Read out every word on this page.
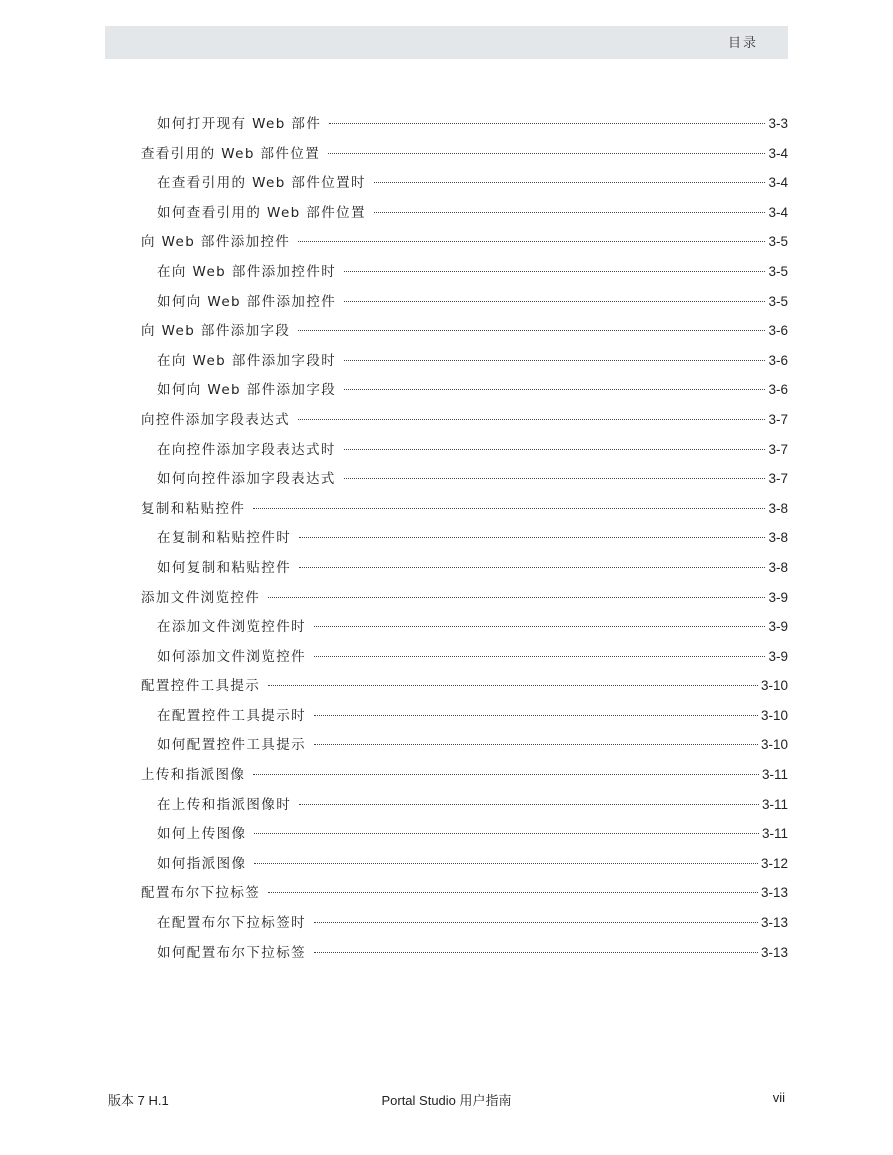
目录
如何打开现有 Web 部件	3-3
查看引用的 Web 部件位置	3-4
在查看引用的 Web 部件位置时	3-4
如何查看引用的 Web 部件位置	3-4
向 Web 部件添加控件	3-5
在向 Web 部件添加控件时	3-5
如何向 Web 部件添加控件	3-5
向 Web 部件添加字段	3-6
在向 Web 部件添加字段时	3-6
如何向 Web 部件添加字段	3-6
向控件添加字段表达式	3-7
在向控件添加字段表达式时	3-7
如何向控件添加字段表达式	3-7
复制和粘贴控件	3-8
在复制和粘贴控件时	3-8
如何复制和粘贴控件	3-8
添加文件浏览控件	3-9
在添加文件浏览控件时	3-9
如何添加文件浏览控件	3-9
配置控件工具提示	3-10
在配置控件工具提示时	3-10
如何配置控件工具提示	3-10
上传和指派图像	3-11
在上传和指派图像时	3-11
如何上传图像	3-11
如何指派图像	3-12
配置布尔下拉标签	3-13
在配置布尔下拉标签时	3-13
如何配置布尔下拉标签	3-13
版本 7 H.1	Portal Studio 用户指南	vii
